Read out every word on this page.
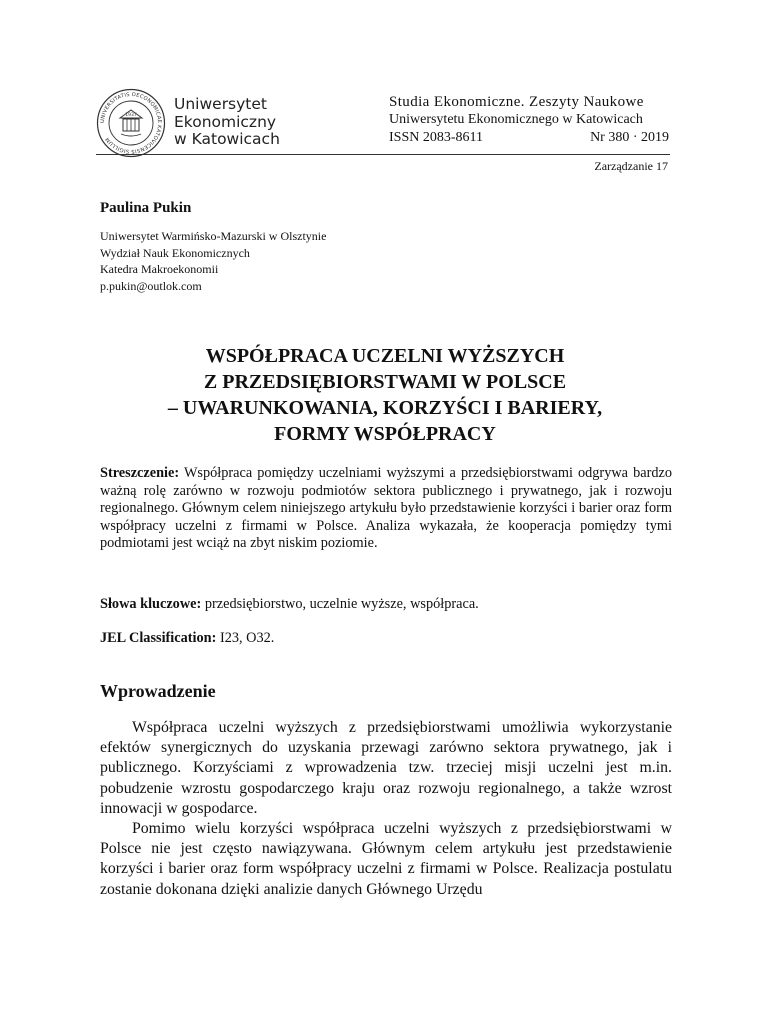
UNIVERSITATIS OECONOMICAE KATOVICENSIS SIGILLUM
1937
Uniwersytet
Ekonomiczny
w Katowicach
Studia Ekonomiczne. Zeszyty Naukowe
Uniwersytetu Ekonomicznego w Katowicach
ISSN 2083-8611	Nr 380 · 2019
Zarządzanie 17
Paulina Pukin
Uniwersytet Warmińsko-Mazurski w Olsztynie
Wydział Nauk Ekonomicznych
Katedra Makroekonomii
p.pukin@outlok.com
WSPÓŁPRACA UCZELNI WYŻSZYCH
Z PRZEDSIĘBIORSTWAMI W POLSCE
– UWARUNKOWANIA, KORZYŚCI I BARIERY,
FORMY WSPÓŁPRACY
Streszczenie: Współpraca pomiędzy uczelniami wyższymi a przedsiębiorstwami odgrywa bardzo ważną rolę zarówno w rozwoju podmiotów sektora publicznego i prywatnego, jak i rozwoju regionalnego. Głównym celem niniejszego artykułu było przedstawienie korzyści i barier oraz form współpracy uczelni z firmami w Polsce. Analiza wykazała, że kooperacja pomiędzy tymi podmiotami jest wciąż na zbyt niskim poziomie.
Słowa kluczowe: przedsiębiorstwo, uczelnie wyższe, współpraca.
JEL Classification: I23, O32.
Wprowadzenie

Współpraca uczelni wyższych z przedsiębiorstwami umożliwia wykorzystanie efektów synergicznych do uzyskania przewagi zarówno sektora prywatnego, jak i publicznego. Korzyściami z wprowadzenia tzw. trzeciej misji uczelni jest m.in. pobudzenie wzrostu gospodarczego kraju oraz rozwoju regionalnego, a także wzrost innowacji w gospodarce.

Pomimo wielu korzyści współpraca uczelni wyższych z przedsiębiorstwami w Polsce nie jest często nawiązywana. Głównym celem artykułu jest przedstawienie korzyści i barier oraz form współpracy uczelni z firmami w Polsce. Realizacja postulatu zostanie dokonana dzięki analizie danych Głównego Urzędu
